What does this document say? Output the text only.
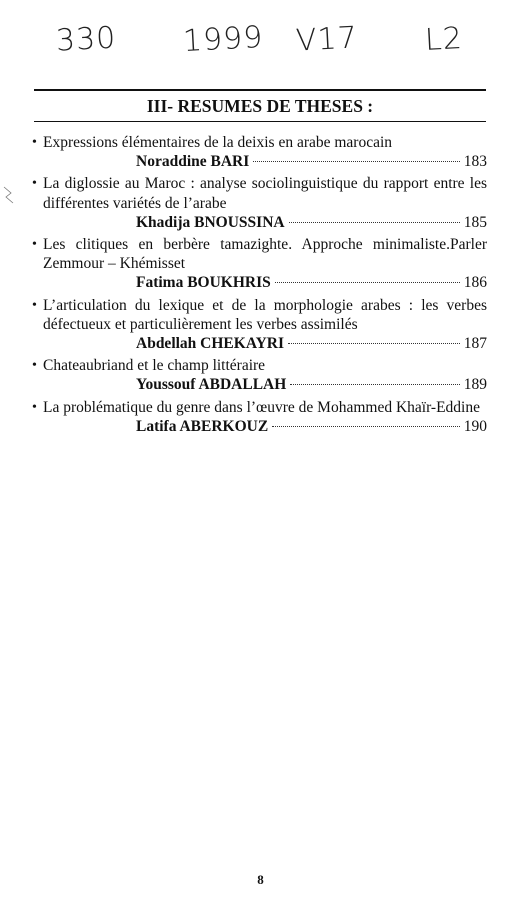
330 1999 V17 L2
III- RESUMES DE THESES :
• Expressions élémentaires de la deixis en arabe marocain
Noraddine BARI	183
• La diglossie au Maroc : analyse sociolinguistique du rapport entre les différentes variétés de l’arabe
Khadija BNOUSSINA	185
• Les clitiques en berbère tamazighte. Approche minimaliste.Parler Zemmour – Khémisset
Fatima BOUKHRIS	186
• L’articulation du lexique et de la morphologie arabes : les verbes défectueux et particulièrement les verbes assimilés
Abdellah CHEKAYRI	187
• Chateaubriand et le champ littéraire
Youssouf ABDALLAH	189
• La problématique du genre dans l’œuvre de Mohammed Khaïr-Eddine
Latifa ABERKOUZ	190
8
